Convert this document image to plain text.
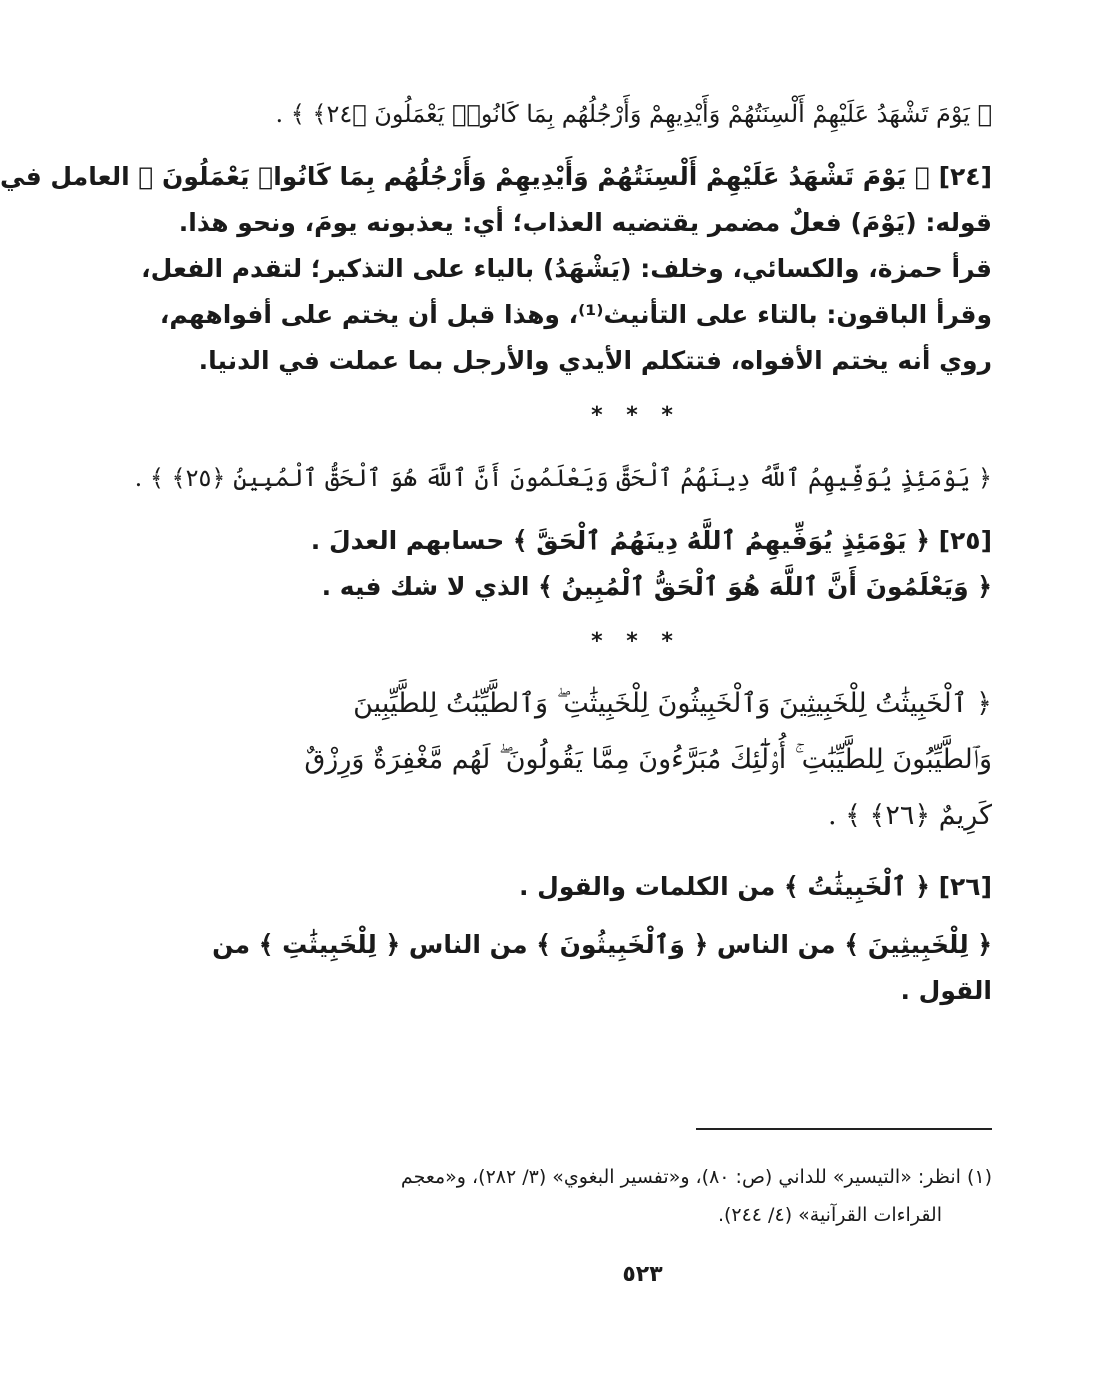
﴿ يَوْمَ تَشْهَدُ عَلَيْهِمْ أَلْسِنَتُهُمْ وَأَيْدِيهِمْ وَأَرْجُلُهُم بِمَا كَانُوا۟ يَعْمَلُونَ ﴿٢٤﴾ ﴾ .
[٢٤] ﴿ يَوْمَ تَشْهَدُ عَلَيْهِمْ أَلْسِنَتُهُمْ وَأَيْدِيهِمْ وَأَرْجُلُهُم بِمَا كَانُوا۟ يَعْمَلُونَ ﴾ العامل في
قوله: (يَوْمَ) فعلٌ مضمر يقتضيه العذاب؛ أي: يعذبونه يومَ، ونحو هذا.
قرأ حمزة، والكسائي، وخلف: (يَشْهَدُ) بالياء على التذكير؛ لتقدم الفعل،
وقرأ الباقون: بالتاء على التأنيث⁽¹⁾، وهذا قبل أن يختم على أفواههم،
روي أنه يختم الأفواه، فتتكلم الأيدي والأرجل بما عملت في الدنيا.
* * *
﴿ يَوْمَئِذٍ يُوَفِّيهِمُ ٱللَّهُ دِينَهُمُ ٱلْحَقَّ وَيَعْلَمُونَ أَنَّ ٱللَّهَ هُوَ ٱلْحَقُّ ٱلْمُبِينُ ﴿٢٥﴾ ﴾ .
[٢٥] ﴿ يَوْمَئِذٍ يُوَفِّيهِمُ ٱللَّهُ دِينَهُمُ ٱلْحَقَّ ﴾ حسابهم العدلَ .
﴿ وَيَعْلَمُونَ أَنَّ ٱللَّهَ هُوَ ٱلْحَقُّ ٱلْمُبِينُ ﴾ الذي لا شك فيه .
* * *
﴿ ٱلْخَبِيثَٰتُ لِلْخَبِيثِينَ وَٱلْخَبِيثُونَ لِلْخَبِيثَٰتِ ۖ وَٱلطَّيِّبَٰتُ لِلطَّيِّبِينَ
وَٱلطَّيِّبُونَ لِلطَّيِّبَٰتِ ۚ أُو۟لَٰٓئِكَ مُبَرَّءُونَ مِمَّا يَقُولُونَ ۖ لَهُم مَّغْفِرَةٌ وَرِزْقٌ
كَرِيمٌ ﴿٢٦﴾ ﴾ .
[٢٦] ﴿ ٱلْخَبِيثَٰتُ ﴾ من الكلمات والقول .
﴿ لِلْخَبِيثِينَ ﴾ من الناس ﴿ وَٱلْخَبِيثُونَ ﴾ من الناس ﴿ لِلْخَبِيثَٰتِ ﴾ من
القول .
(١) انظر: «التيسير» للداني (ص: ٨٠)، و«تفسير البغوي» (٣/ ٢٨٢)، و«معجم
القراءات القرآنية» (٤/ ٢٤٤).
٥٢٣
